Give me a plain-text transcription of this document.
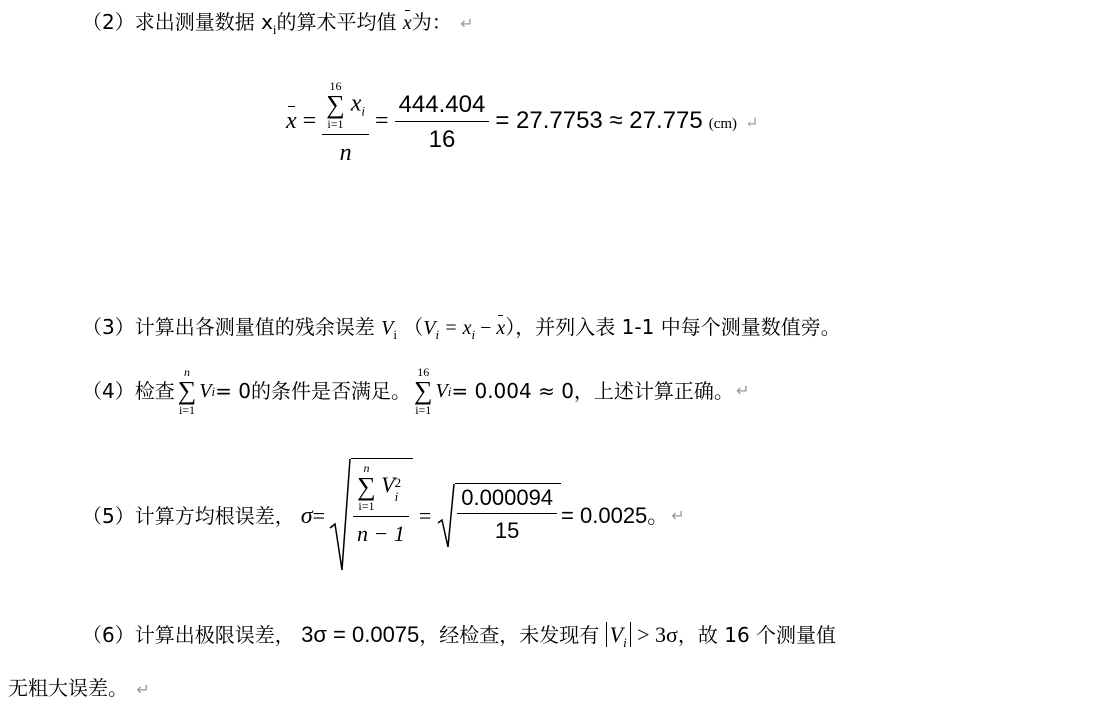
（2）求出测量数据 $x_i$的算术平均值 x为： ↵
x = 16
∑
i=1
$x_i$
$n = \frac{444.404}{16} = 27.7753 \approx 27.775$ (cm) ↵
（3）计算出各测量值的残余误差 $V_i$ $(V_i = x_i - x)$，并列入表 1-1 中每个测量数值旁。
（4）检查
n
∑
i=1
V i = 0的条件是否满足。
16
∑
i=1
V i = 0.004 ≈ 0，上述计算正确。 ↵
（5）计算方均根误差， σ = n
∑
i=1
V 2
i
$n - 1 = \frac{0.000094}{15} = 0.0025$。 ↵
（6）计算出极限误差， 3σ = 0.0075，经检查，未发现有 $V_i > 3\sigma$，故 16 个测量值
无粗大误差。 ↵
